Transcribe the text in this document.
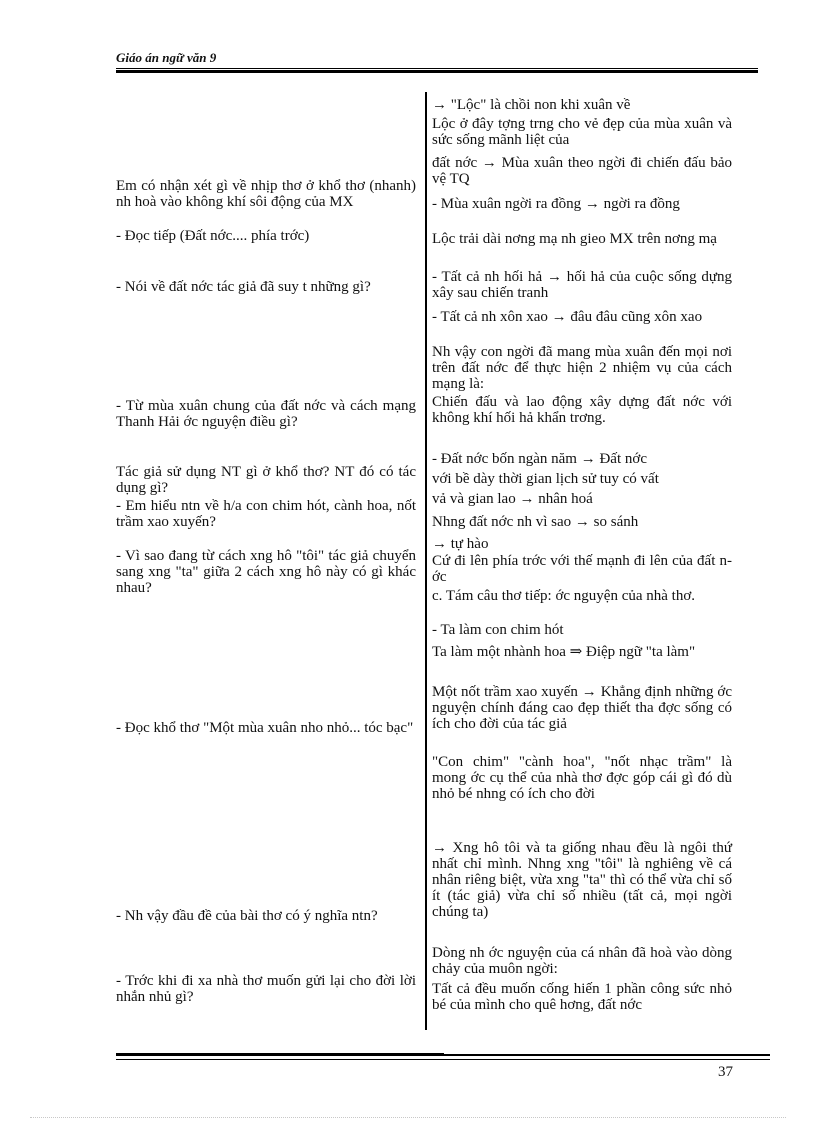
Giáo án ngữ văn 9
Em có nhận xét gì về nhịp thơ ở khổ thơ (nhanh) nh hoà vào không khí sôi động của MX
- Đọc tiếp (Đất nớc.... phía trớc)
- Nói về đất nớc tác giả đã suy t những gì?
- Từ mùa xuân chung của đất nớc và cách mạng Thanh Hải ớc nguyện điều gì?
Tác giả sử dụng NT gì ở khổ thơ? NT đó có tác dụng gì?
- Em hiểu ntn về h/a con chim hót, cành hoa, nốt trầm xao xuyến?
- Vì sao đang từ cách xng hô "tôi" tác giả chuyển sang xng "ta" giữa 2 cách xng hô này có gì khác nhau?
- Đọc khổ thơ "Một mùa xuân nho nhỏ... tóc bạc"
- Nh vậy đầu đề của bài thơ có ý nghĩa ntn?
- Trớc khi đi xa nhà thơ muốn gửi lại cho đời lời nhắn nhủ gì?
→ "Lộc" là chồi non khi xuân về
Lộc ở đây tợng trng cho vẻ đẹp của mùa xuân và sức sống mãnh liệt của
đất nớc → Mùa xuân theo ngời đi chiến đấu bảo vệ TQ
- Mùa xuân ngời ra đồng → ngời ra đồng
Lộc trải dài nơng mạ nh gieo MX trên nơng mạ
- Tất cả nh hối hả → hối hả của cuộc sống dựng xây sau chiến tranh
- Tất cả nh xôn xao → đâu đâu cũng xôn xao
Nh vậy con ngời đã mang mùa xuân đến mọi nơi trên đất nớc để thực hiện 2 nhiệm vụ của cách mạng là:
Chiến đấu và lao động xây dựng đất nớc với không khí hối hả khẩn trơng.
- Đất nớc bốn ngàn năm → Đất nớc
với bề dày thời gian lịch sử tuy có vất
vả và gian lao → nhân hoá
Nhng đất nớc nh vì sao → so sánh
→ tự hào
Cứ đi lên phía trớc với thế mạnh đi lên của đất nớc
c. Tám câu thơ tiếp: ớc nguyện của nhà thơ.
- Ta làm con chim hót
Ta làm một nhành hoa ⇒ Điệp ngữ "ta làm"
Một nốt trầm xao xuyến → Khẳng định những ớc nguyện chính đáng cao đẹp thiết tha đợc sống có ích cho đời của tác giả
"Con chim" "cành hoa", "nốt nhạc trầm" là mong ớc cụ thể của nhà thơ đợc góp cái gì đó dù nhỏ bé nhng có ích cho đời
→ Xng hô tôi và ta giống nhau đều là ngôi thứ nhất chỉ mình. Nhng xng "tôi" là nghiêng về cá nhân riêng biệt, vừa xng "ta" thì có thể vừa chỉ số ít (tác giả) vừa chỉ số nhiều (tất cả, mọi ngời chúng ta)
Dòng nh ớc nguyện của cá nhân đã hoà vào dòng chảy của muôn ngời:
Tất cả đều muốn cống hiến 1 phần công sức nhỏ bé của mình cho quê hơng, đất nớc
37
